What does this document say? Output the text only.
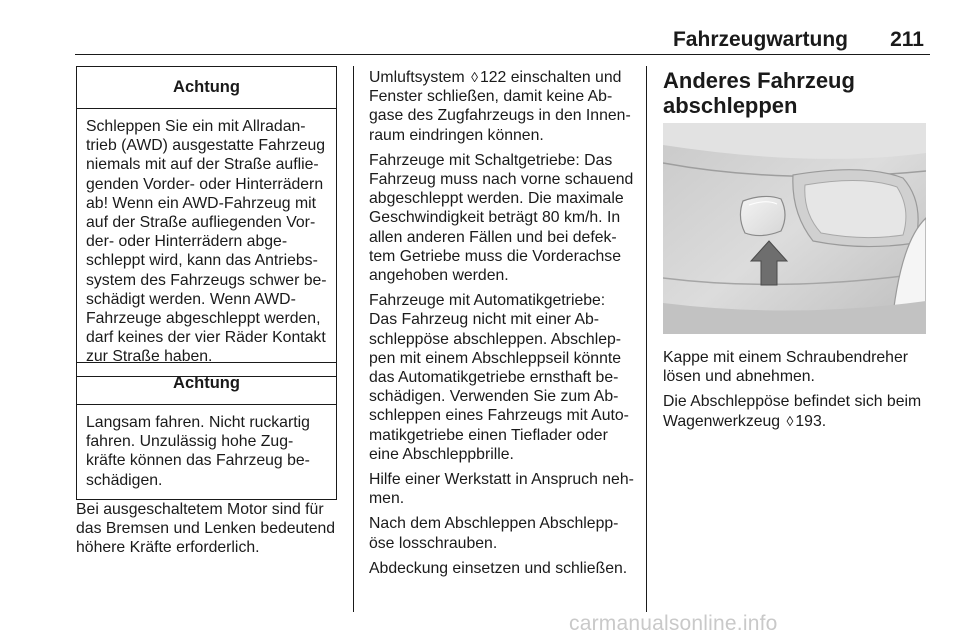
Fahrzeugwartung 211
Achtung
Schleppen Sie ein mit Allradantrieb (AWD) ausgestatte Fahrzeug niemals mit auf der Straße aufliegenden Vorder- oder Hinterrädern ab! Wenn ein AWD-Fahrzeug mit auf der Straße aufliegenden Vorder- oder Hinterrädern abgeschleppt wird, kann das Antriebssystem des Fahrzeugs schwer beschädigt werden. Wenn AWD-Fahrzeuge abgeschleppt werden, darf keines der vier Räder Kontakt zur Straße haben.
Achtung
Langsam fahren. Nicht ruckartig fahren. Unzulässig hohe Zugkräfte können das Fahrzeug beschädigen.

Bei ausgeschaltetem Motor sind für das Bremsen und Lenken bedeutend höhere Kräfte erforderlich.

Umluftsystem ◊ 122 einschalten und Fenster schließen, damit keine Abgase des Zugfahrzeugs in den Innenraum eindringen können.

Fahrzeuge mit Schaltgetriebe: Das Fahrzeug muss nach vorne schauend abgeschleppt werden. Die maximale Geschwindigkeit beträgt 80 km/h. In allen anderen Fällen und bei defektem Getriebe muss die Vorderachse angehoben werden.

Fahrzeuge mit Automatikgetriebe: Das Fahrzeug nicht mit einer Abschleppöse abschleppen. Abschleppen mit einem Abschleppseil könnte das Automatikgetriebe ernsthaft beschädigen. Verwenden Sie zum Abschleppen eines Fahrzeugs mit Automatikgetriebe einen Tieflader oder eine Abschleppbrille.

Hilfe einer Werkstatt in Anspruch nehmen.

Nach dem Abschleppen Abschleppöse losschrauben.

Abdeckung einsetzen und schließen.

Anderes Fahrzeug abschleppen

Kappe mit einem Schraubendreher lösen und abnehmen.

Die Abschleppöse befindet sich beim Wagenwerkzeug ◊ 193.

carmanualsonline.info
